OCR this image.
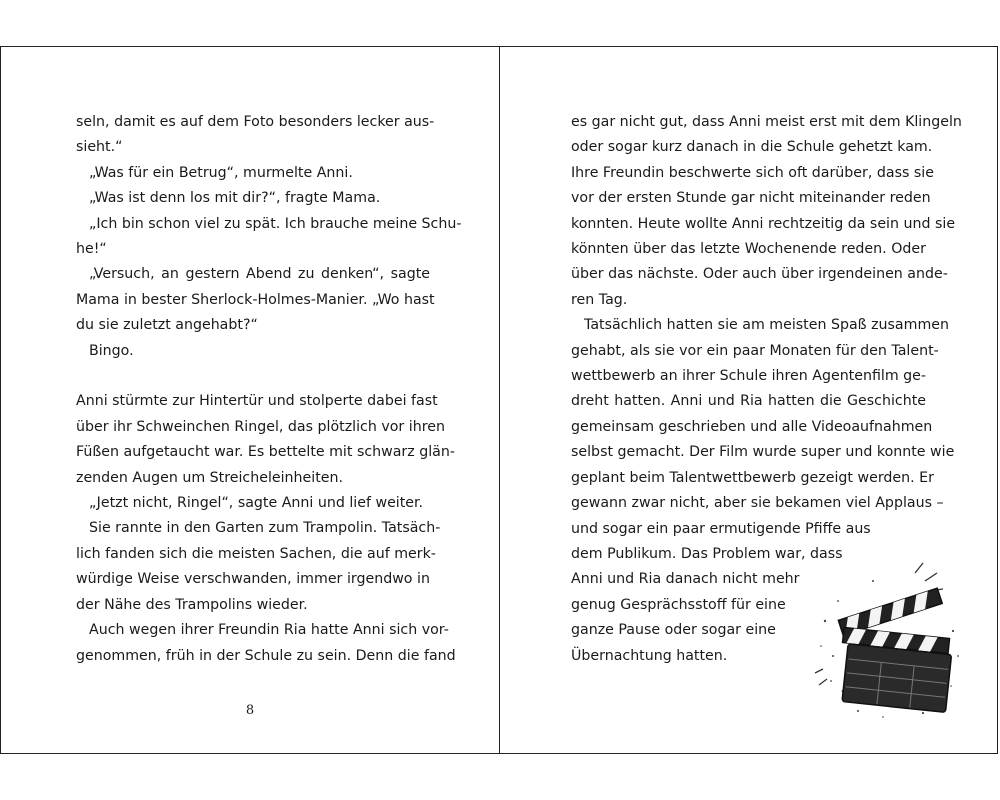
seln, damit es auf dem Foto besonders lecker aus-
sieht.“
„Was für ein Betrug“, murmelte Anni.
„Was ist denn los mit dir?“, fragte Mama.
„Ich bin schon viel zu spät. Ich brauche meine Schu-
he!“
„Versuch, an gestern Abend zu denken“, sagte
Mama in bester Sherlock-Holmes-Manier. „Wo hast
du sie zuletzt angehabt?“
Bingo.
Anni stürmte zur Hintertür und stolperte dabei fast
über ihr Schweinchen Ringel, das plötzlich vor ihren
Füßen aufgetaucht war. Es bettelte mit schwarz glän-
zenden Augen um Streicheleinheiten.
„Jetzt nicht, Ringel“, sagte Anni und lief weiter.
Sie rannte in den Garten zum Trampolin. Tatsäch-
lich fanden sich die meisten Sachen, die auf merk-
würdige Weise verschwanden, immer irgendwo in
der Nähe des Trampolins wieder.
Auch wegen ihrer Freundin Ria hatte Anni sich vor-
genommen, früh in der Schule zu sein. Denn die fand
8
es gar nicht gut, dass Anni meist erst mit dem Klingeln
oder sogar kurz danach in die Schule gehetzt kam.
Ihre Freundin beschwerte sich oft darüber, dass sie
vor der ersten Stunde gar nicht miteinander reden
konnten. Heute wollte Anni rechtzeitig da sein und sie
könnten über das letzte Wochenende reden. Oder
über das nächste. Oder auch über irgendeinen ande-
ren Tag.
Tatsächlich hatten sie am meisten Spaß zusammen
gehabt, als sie vor ein paar Monaten für den Talent-
wettbewerb an ihrer Schule ihren Agentenfilm ge-
dreht hatten. Anni und Ria hatten die Geschichte
gemeinsam geschrieben und alle Videoaufnahmen
selbst gemacht. Der Film wurde super und konnte wie
geplant beim Talentwettbewerb gezeigt werden. Er
gewann zwar nicht, aber sie bekamen viel Applaus –
und sogar ein paar ermutigende Pfiffe aus
dem Publikum. Das Problem war, dass
Anni und Ria danach nicht mehr
genug Gesprächsstoff für eine
ganze Pause oder sogar eine
Übernachtung hatten.
